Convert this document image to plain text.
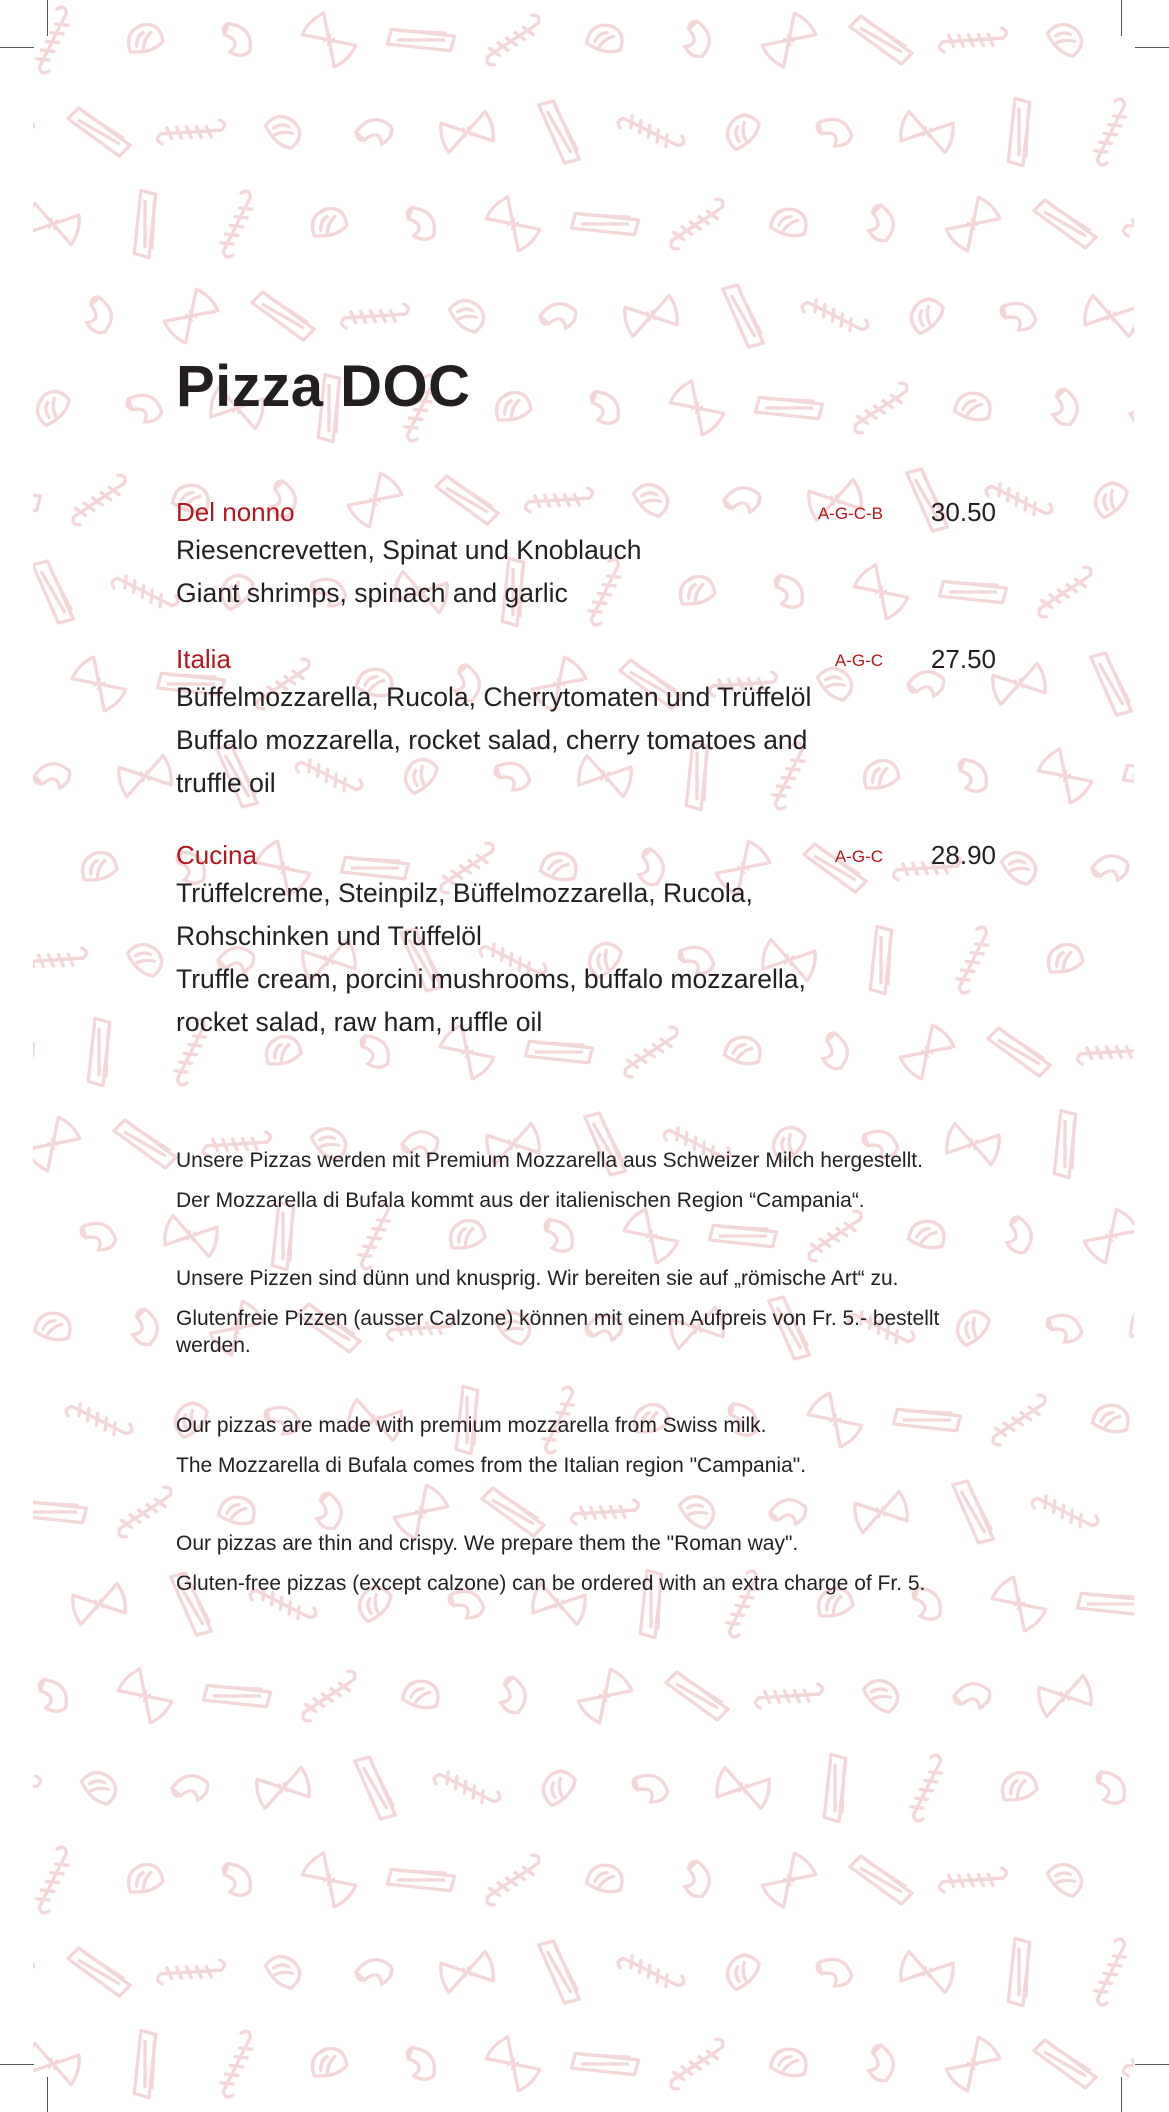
Pizza DOC
Del nonno	A-G-C-B 30.50
Riesencrevetten, Spinat und Knoblauch
Giant shrimps, spinach and garlic
Italia	A-G-C 27.50
Büffelmozzarella, Rucola, Cherrytomaten und Trüffelöl
Buffalo mozzarella, rocket salad, cherry tomatoes and
truffle oil
Cucina	A-G-C 28.90
Trüffelcreme, Steinpilz, Büffelmozzarella, Rucola,
Rohschinken und Trüffelöl
Truffle cream, porcini mushrooms, buffalo mozzarella,
rocket salad, raw ham, ruffle oil

Unsere Pizzas werden mit Premium Mozzarella aus Schweizer Milch hergestellt.

Der Mozzarella di Bufala kommt aus der italienischen Region “Campania“.

Unsere Pizzen sind dünn und knusprig. Wir bereiten sie auf „römische Art“ zu.

Glutenfreie Pizzen (ausser Calzone) können mit einem Aufpreis von Fr. 5.- bestellt werden.

Our pizzas are made with premium mozzarella from Swiss milk.

The Mozzarella di Bufala comes from the Italian region "Campania".

Our pizzas are thin and crispy. We prepare them the "Roman way".

Gluten-free pizzas (except calzone) can be ordered with an extra charge of Fr. 5.
